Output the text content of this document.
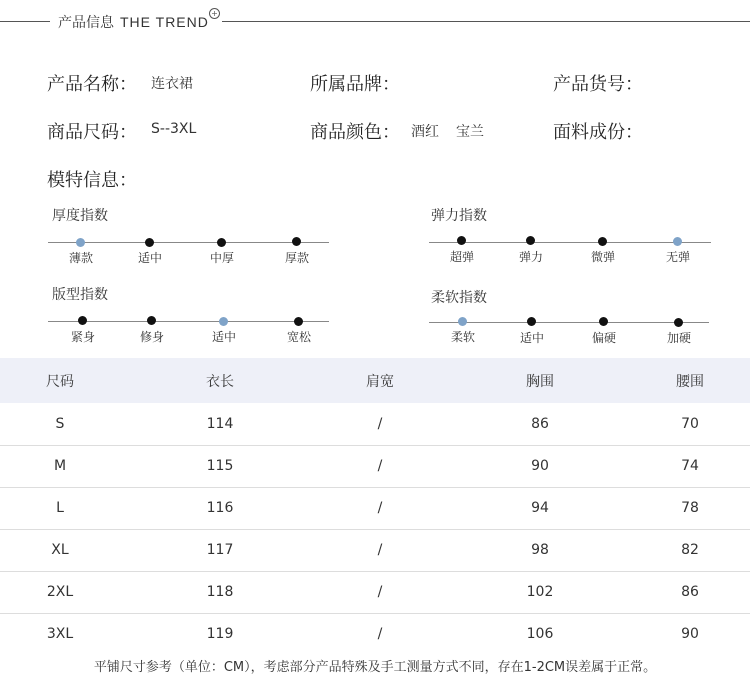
产品信息 THE TREND
+
产品名称： 连衣裙	所属品牌：	产品货号：
商品尺码： S--3XL	商品颜色： 酒红 宝兰	面料成份：
模特信息：
厚度指数
薄款	适中	中厚	厚款
弹力指数
超弹	弹力	微弹	无弹
版型指数
紧身	修身	适中	宽松
柔软指数
柔软	适中	偏硬	加硬
尺码	衣长	肩宽	胸围	腰围
S	114	/	86	70
M	115	/	90	74
L	116	/	94	78
XL	117	/	98	82
2XL	118	/	102	86
3XL	119	/	106	90
平铺尺寸参考（单位：CM），考虑部分产品特殊及手工测量方式不同，存在1-2CM误差属于正常。
